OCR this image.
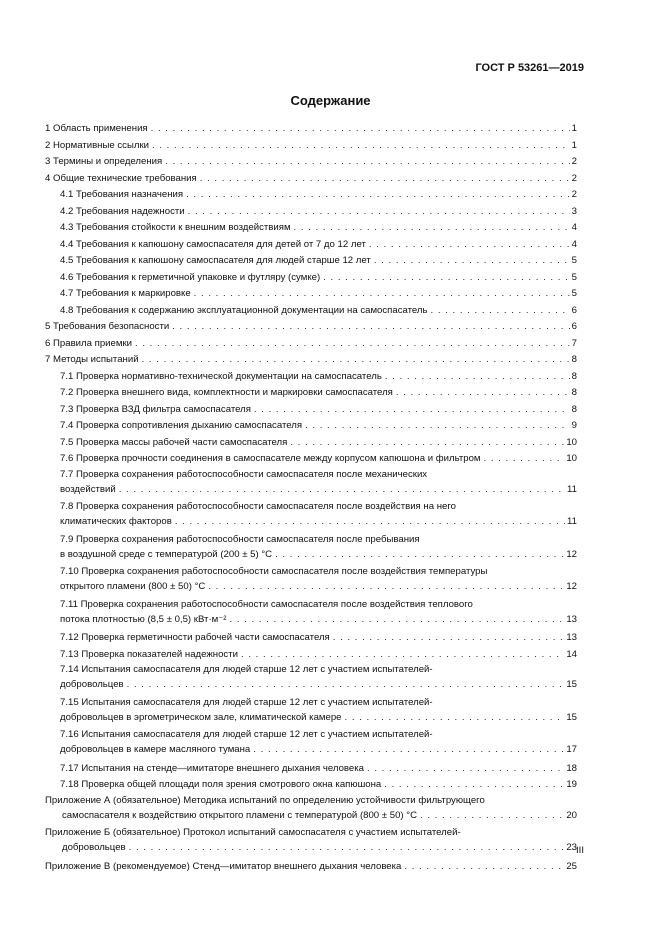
ГОСТ Р 53261—2019
Содержание
1 Область применения . . .	1
2 Нормативные ссылки . . .	1
3 Термины и определения . . .	2
4 Общие технические требования . . .	2
4.1 Требования назначения . . .	2
4.2 Требования надежности . . .	3
4.3 Требования стойкости к внешним воздействиям . . .	4
4.4 Требования к капюшону самоспасателя для детей от 7 до 12 лет . . .	4
4.5 Требования к капюшону самоспасателя для людей старше 12 лет . . .	5
4.6 Требования к герметичной упаковке и футляру (сумке) . . .	5
4.7 Требования к маркировке . . .	5
4.8 Требования к содержанию эксплуатационной документации на самоспасатель . . .	6
5 Требования безопасности . . .	6
6 Правила приемки . . .	7
7 Методы испытаний . . .	8
7.1 Проверка нормативно-технической документации на самоспасатель . . .	8
7.2 Проверка внешнего вида, комплектности и маркировки самоспасателя . . .	8
7.3 Проверка ВЗД фильтра самоспасателя . . .	8
7.4 Проверка сопротивления дыханию самоспасателя . . .	9
7.5 Проверка массы рабочей части самоспасателя . . .	10
7.6 Проверка прочности соединения в самоспасателе между корпусом капюшона и фильтром . . .	10
7.7 Проверка сохранения работоспособности самоспасателя после механических
воздействий . . .	11
7.8 Проверка сохранения работоспособности самоспасателя после воздействия на него
климатических факторов . . .	11
7.9 Проверка сохранения работоспособности самоспасателя после пребывания
в воздушной среде с температурой (200 ± 5) °С . . .	12
7.10 Проверка сохранения работоспособности самоспасателя после воздействия температуры
открытого пламени (800 ± 50) °С . . .	12
7.11 Проверка сохранения работоспособности самоспасателя после воздействия теплового
потока плотностью (8,5 ± 0,5) кВт·м⁻² . . .	13
7.12 Проверка герметичности рабочей части самоспасателя . . .	13
7.13 Проверка показателей надежности . . .	14
7.14 Испытания самоспасателя для людей старше 12 лет с участием испытателей-
добровольцев . . .	15
7.15 Испытания самоспасателя для людей старше 12 лет с участием испытателей-
добровольцев в эргометрическом зале, климатической камере . . .	15
7.16 Испытания самоспасателя для людей старше 12 лет с участием испытателей-
добровольцев в камере масляного тумана . . .	17
7.17 Испытания на стенде—имитаторе внешнего дыхания человека . . .	18
7.18 Проверка общей площади поля зрения смотрового окна капюшона . . .	19
Приложение А (обязательное) Методика испытаний по определению устойчивости фильтрующего
самоспасателя к воздействию открытого пламени с температурой (800 ± 50) °С . . .	20
Приложение Б (обязательное) Протокол испытаний самоспасателя с участием испытателей-
добровольцев . . .	23
Приложение В (рекомендуемое) Стенд—имитатор внешнего дыхания человека . . .	25
III
